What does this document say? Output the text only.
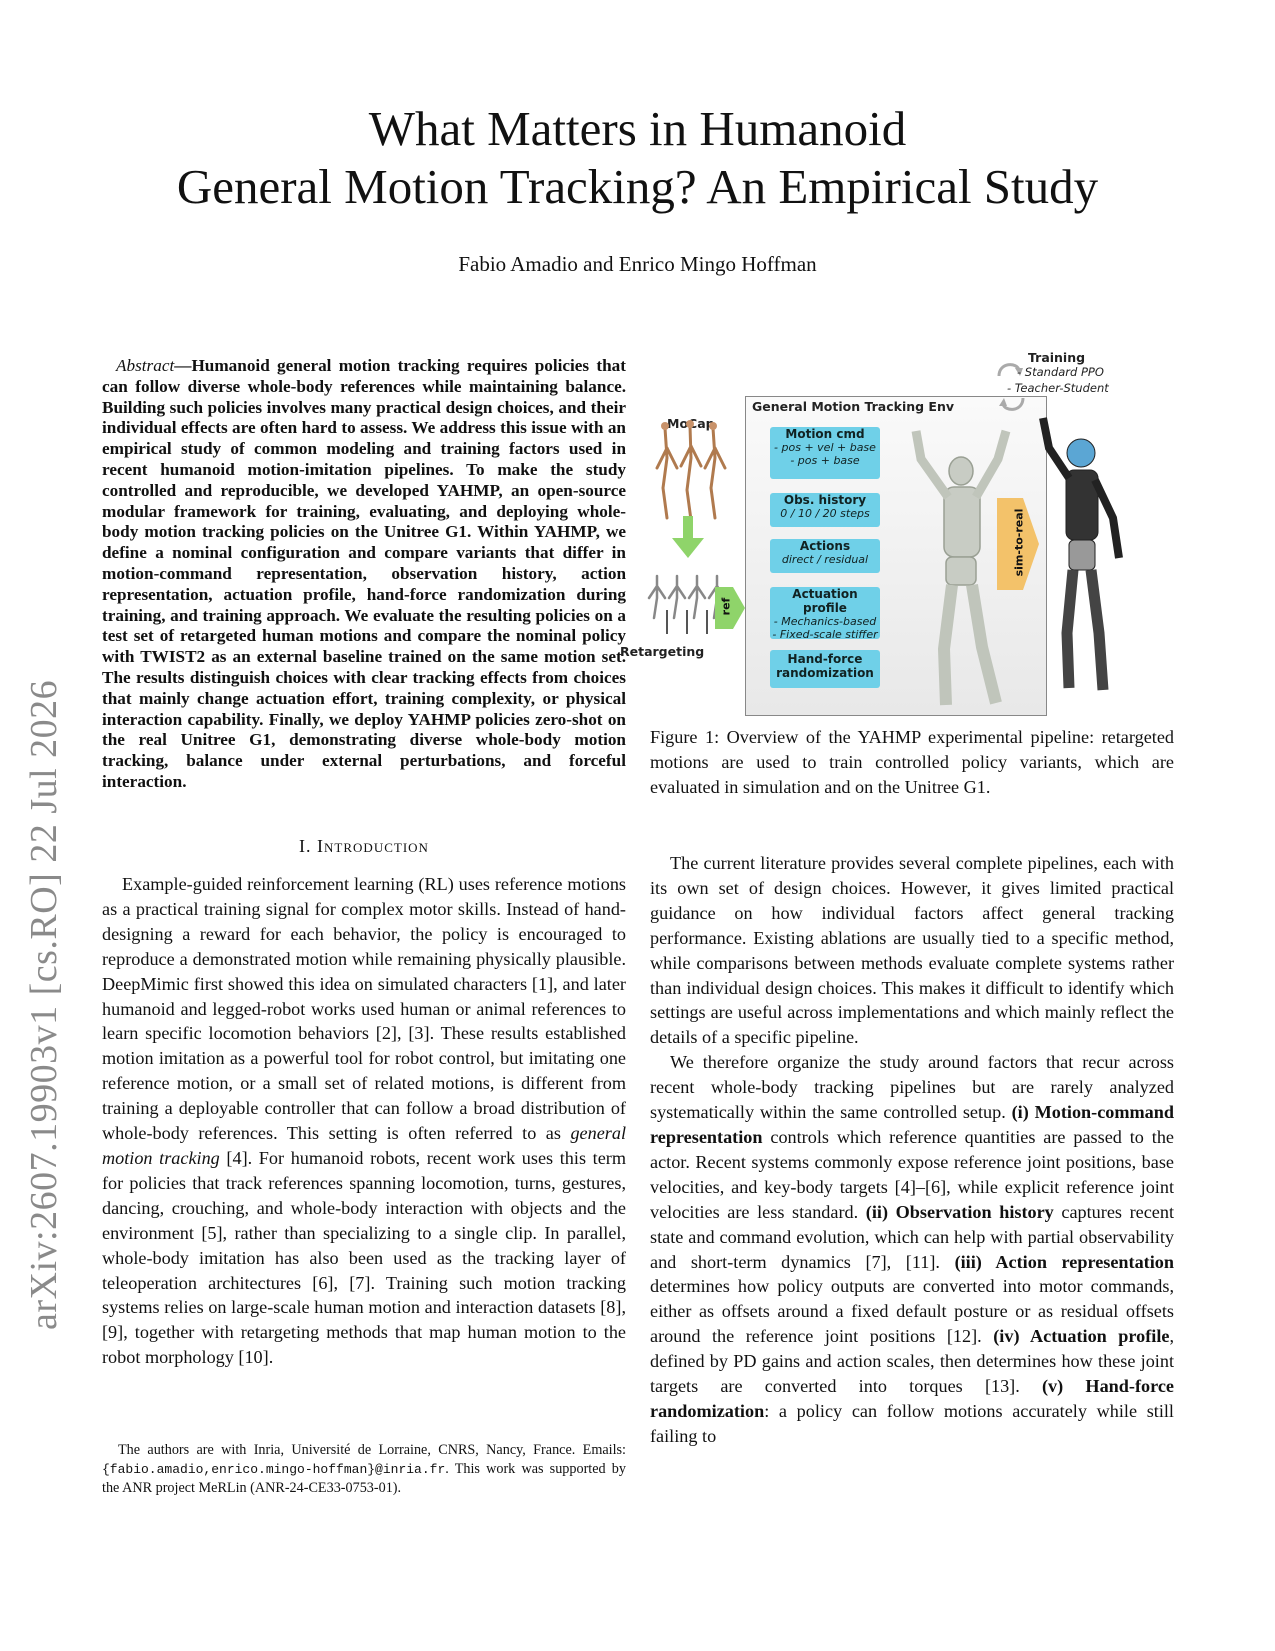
arXiv:2607.19903v1 [cs.RO] 22 Jul 2026
What Matters in Humanoid
General Motion Tracking? An Empirical Study
Fabio Amadio and Enrico Mingo Hoffman
Abstract—Humanoid general motion tracking requires policies that can follow diverse whole-body references while maintaining balance. Building such policies involves many practical design choices, and their individual effects are often hard to assess. We address this issue with an empirical study of common modeling and training factors used in recent humanoid motion-imitation pipelines. To make the study controlled and reproducible, we developed YAHMP, an open-source modular framework for training, evaluating, and deploying whole-body motion tracking policies on the Unitree G1. Within YAHMP, we define a nominal configuration and compare variants that differ in motion-command representation, observation history, action representation, actuation profile, hand-force randomization during training, and training approach. We evaluate the resulting policies on a test set of retargeted human motions and compare the nominal policy with TWIST2 as an external baseline trained on the same motion set. The results distinguish choices with clear tracking effects from choices that mainly change actuation effort, training complexity, or physical interaction capability. Finally, we deploy YAHMP policies zero-shot on the real Unitree G1, demonstrating diverse whole-body motion tracking, balance under external perturbations, and forceful interaction.
I. Introduction

Example-guided reinforcement learning (RL) uses reference motions as a practical training signal for complex motor skills. Instead of hand-designing a reward for each behavior, the policy is encouraged to reproduce a demonstrated motion while remaining physically plausible. DeepMimic first showed this idea on simulated characters [1], and later humanoid and legged-robot works used human or animal references to learn specific locomotion behaviors [2], [3]. These results established motion imitation as a powerful tool for robot control, but imitating one reference motion, or a small set of related motions, is different from training a deployable controller that can follow a broad distribution of whole-body references. This setting is often referred to as general motion tracking [4]. For humanoid robots, recent work uses this term for policies that track references spanning locomotion, turns, gestures, dancing, crouching, and whole-body interaction with objects and the environment [5], rather than specializing to a single clip. In parallel, whole-body imitation has also been used as the tracking layer of teleoperation architectures [6], [7]. Training such motion tracking systems relies on large-scale human motion and interaction datasets [8], [9], together with retargeting methods that map human motion to the robot morphology [10].

The authors are with Inria, Université de Lorraine, CNRS, Nancy, France. Emails: {fabio.amadio,enrico.mingo-hoffman}@inria.fr. This work was supported by the ANR project MeRLin (ANR-24-CE33-0753-01).
Retargeting
ref
General Motion Tracking Env
Motion cmd
- pos + vel + base
- pos + base
Obs. history
0 / 10 / 20 steps
Actions
direct / residual
Actuation profile
- Mechanics-based
- Fixed-scale stiffer
Hand-force randomization
Training
- Standard PPO
- Teacher-Student
sim-to-real
Figure 1: Overview of the YAHMP experimental pipeline: retargeted motions are used to train controlled policy variants, which are evaluated in simulation and on the Unitree G1.

The current literature provides several complete pipelines, each with its own set of design choices. However, it gives limited practical guidance on how individual factors affect general tracking performance. Existing ablations are usually tied to a specific method, while comparisons between methods evaluate complete systems rather than individual design choices. This makes it difficult to identify which settings are useful across implementations and which mainly reflect the details of a specific pipeline.

We therefore organize the study around factors that recur across recent whole-body tracking pipelines but are rarely analyzed systematically within the same controlled setup. (i) Motion-command representation controls which reference quantities are passed to the actor. Recent systems commonly expose reference joint positions, base velocities, and key-body targets [4]–[6], while explicit reference joint velocities are less standard. (ii) Observation history captures recent state and command evolution, which can help with partial observability and short-term dynamics [7], [11]. (iii) Action representation determines how policy outputs are converted into motor commands, either as offsets around a fixed default posture or as residual offsets around the reference joint positions [12]. (iv) Actuation profile, defined by PD gains and action scales, then determines how these joint targets are converted into torques [13]. (v) Hand-force randomization: a policy can follow motions accurately while still failing to
